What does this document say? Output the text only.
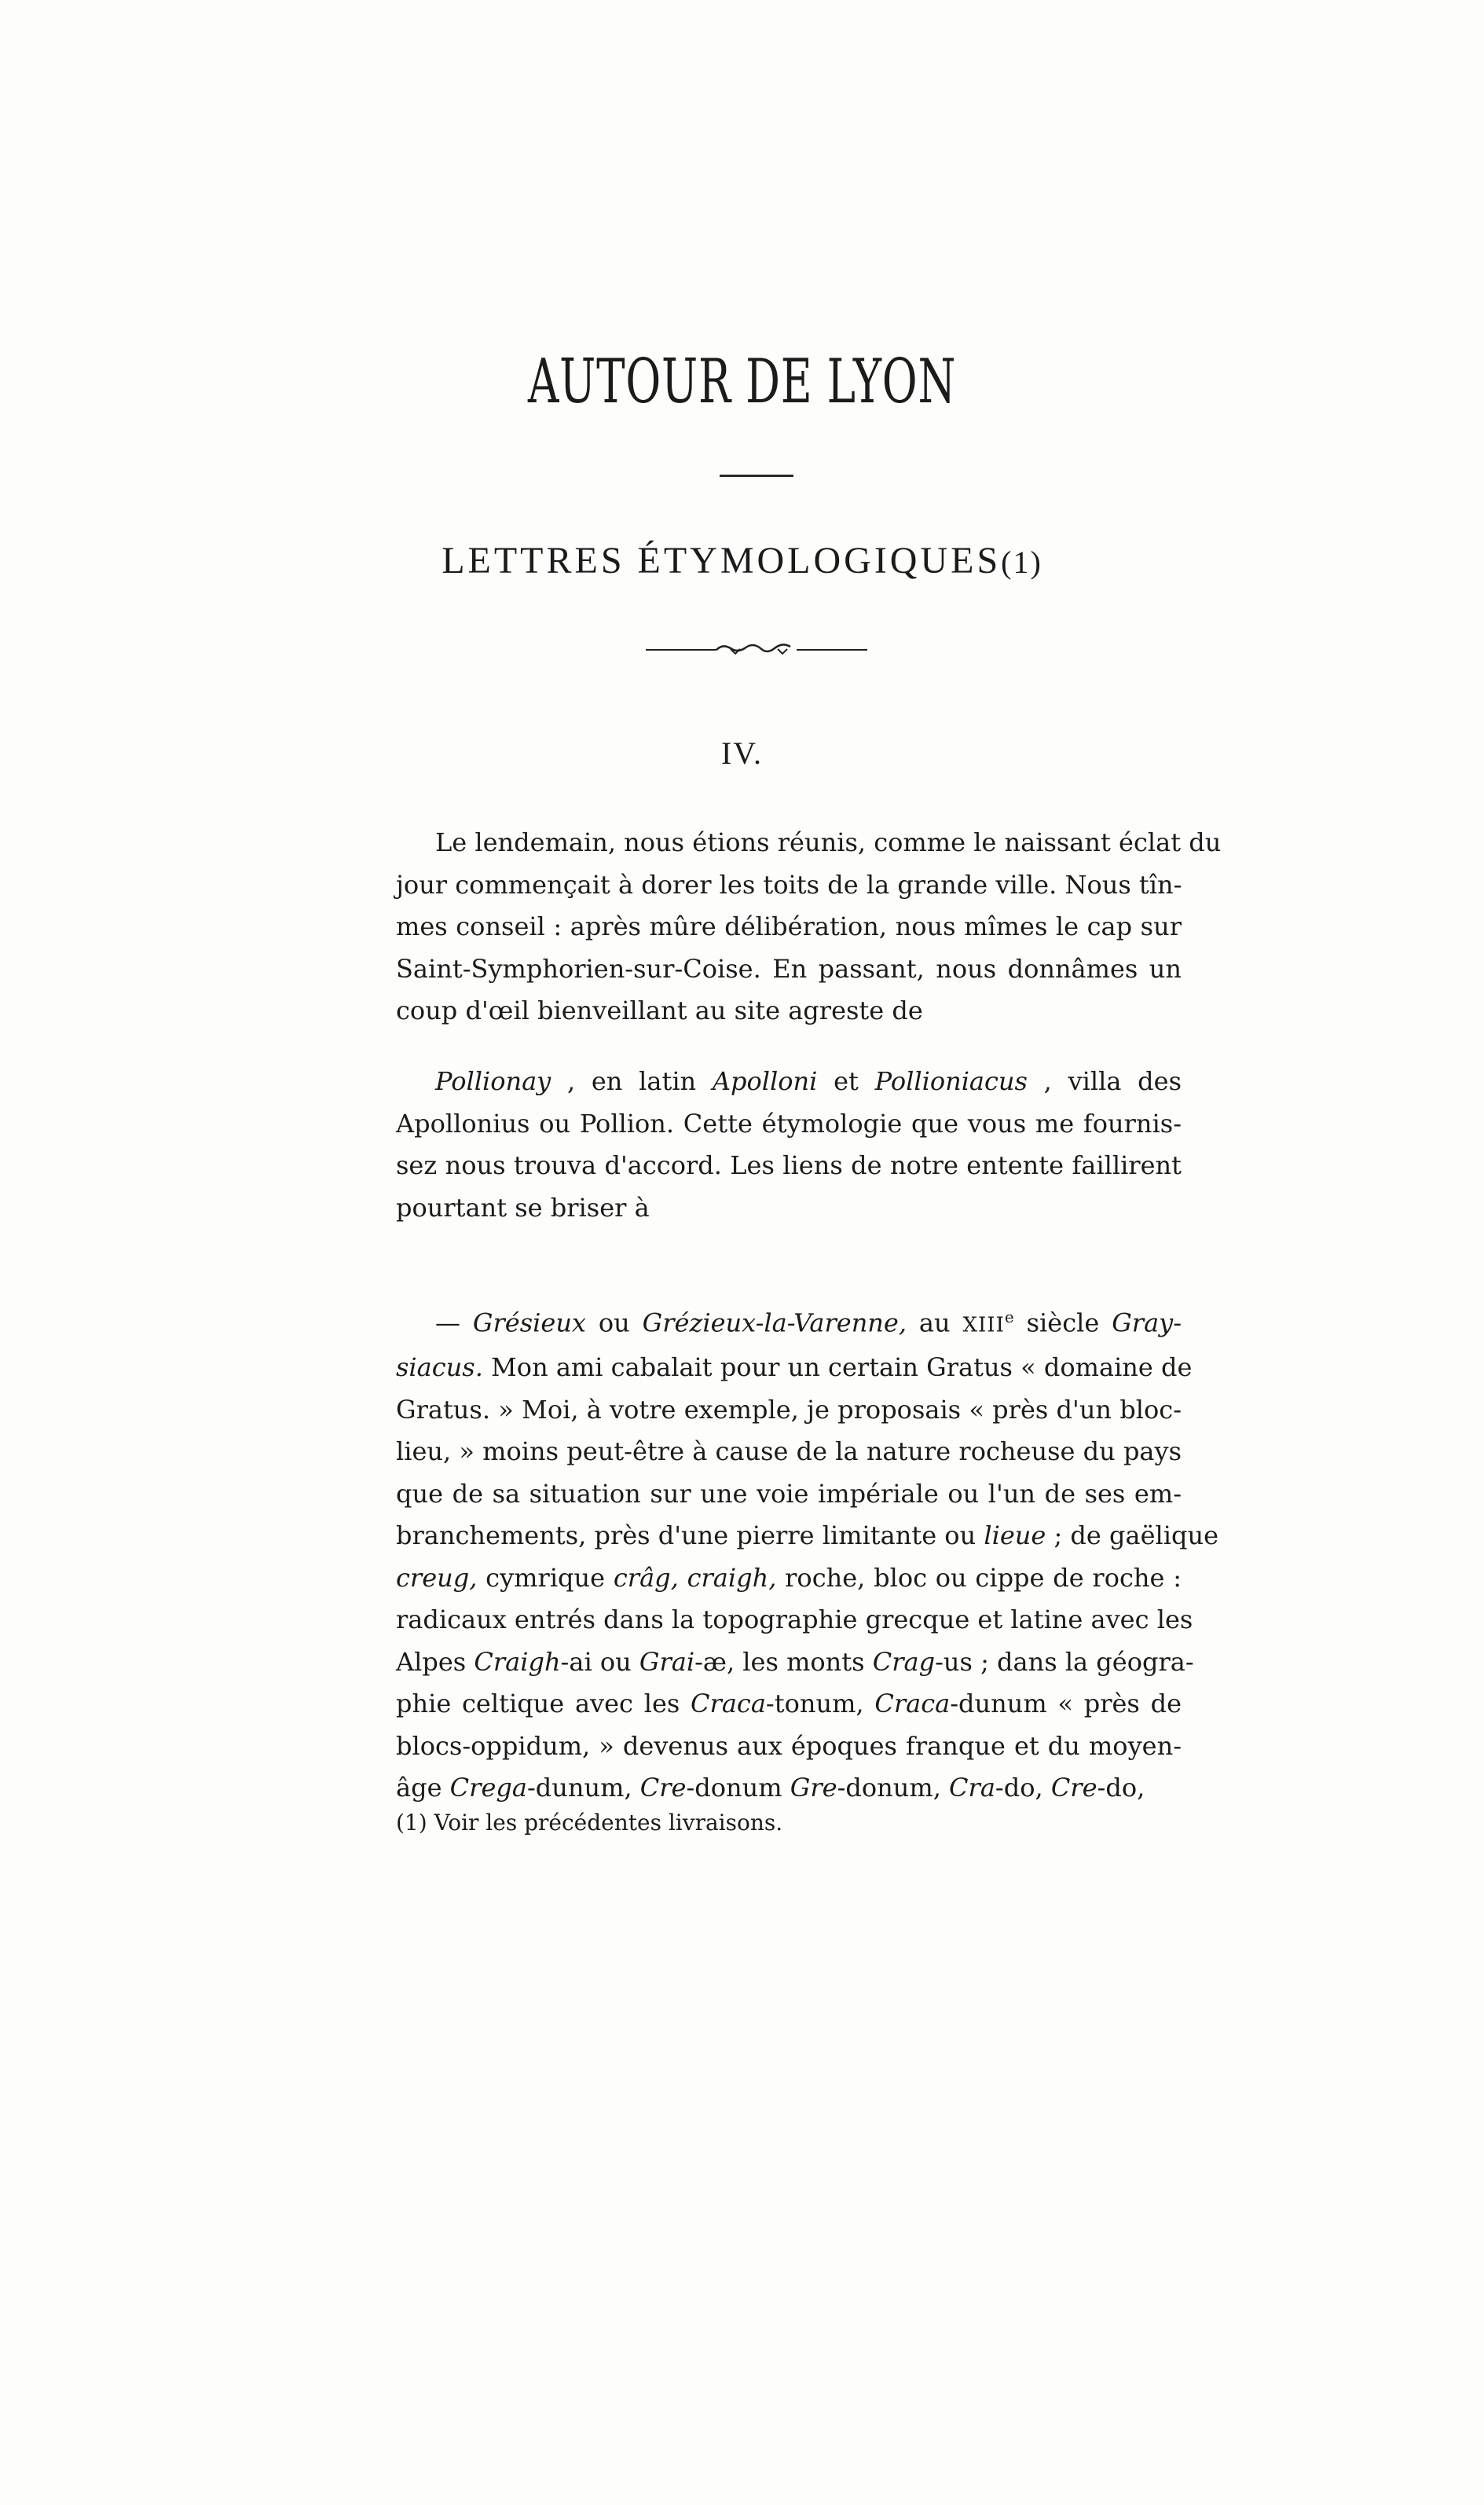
AUTOUR DE LYON
LETTRES ÉTYMOLOGIQUES(1)
IV.
Le lendemain, nous étions réunis, comme le naissant éclat du
jour commençait à dorer les toits de la grande ville. Nous tîn-
mes conseil : après mûre délibération, nous mîmes le cap sur
Saint-Symphorien-sur-Coise. En passant, nous donnâmes un
coup d'œil bienveillant au site agreste de
Pollionay , en latin Apolloni et Pollioniacus , villa des
Apollonius ou Pollion. Cette étymologie que vous me fournis-
sez nous trouva d'accord. Les liens de notre entente faillirent
pourtant se briser à
— Grésieux ou Grézieux-la-Varenne, au XIIIe siècle Gray-
siacus. Mon ami cabalait pour un certain Gratus « domaine de
Gratus. » Moi, à votre exemple, je proposais « près d'un bloc-
lieu, » moins peut-être à cause de la nature rocheuse du pays
que de sa situation sur une voie impériale ou l'un de ses em-
branchements, près d'une pierre limitante ou lieue ; de gaëlique
creug, cymrique crâg, craigh, roche, bloc ou cippe de roche :
radicaux entrés dans la topographie grecque et latine avec les
Alpes Craigh-ai ou Grai-æ, les monts Crag-us ; dans la géogra-
phie celtique avec les Craca-tonum, Craca-dunum « près de
blocs-oppidum, » devenus aux époques franque et du moyen-
âge Crega-dunum, Cre-donum Gre-donum, Cra-do, Cre-do,
(1) Voir les précédentes livraisons.
